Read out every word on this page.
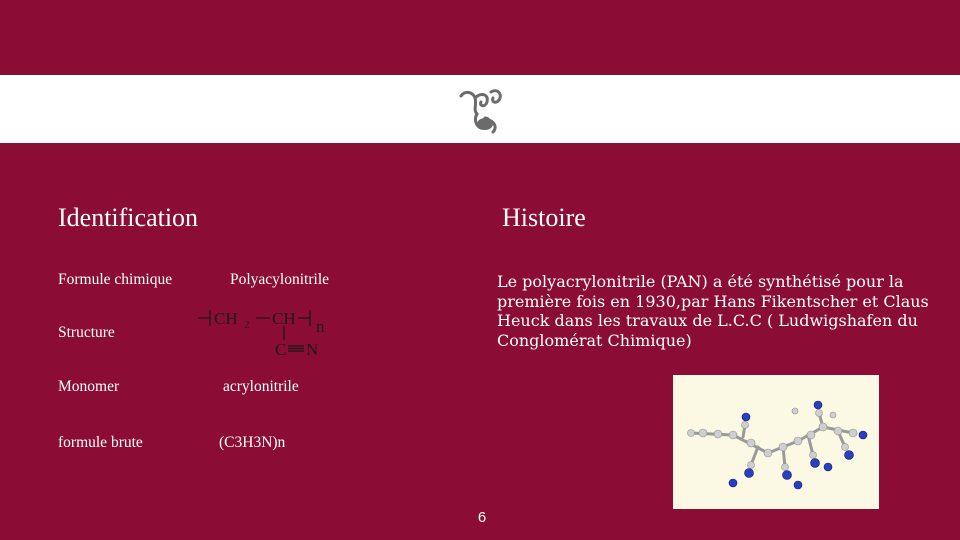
Identification	Histoire
Formule chimique	Polyacylonitrile
Structure
Monomer	acrylonitrile
formule brute	(C3H3N)n
CH 2 CH n
C N
Le polyacrylonitrile (PAN) a été synthétisé pour la première fois en 1930,par Hans Fikentscher et Claus Heuck dans les travaux de L.C.C ( Ludwigshafen du Conglomérat Chimique)
6
